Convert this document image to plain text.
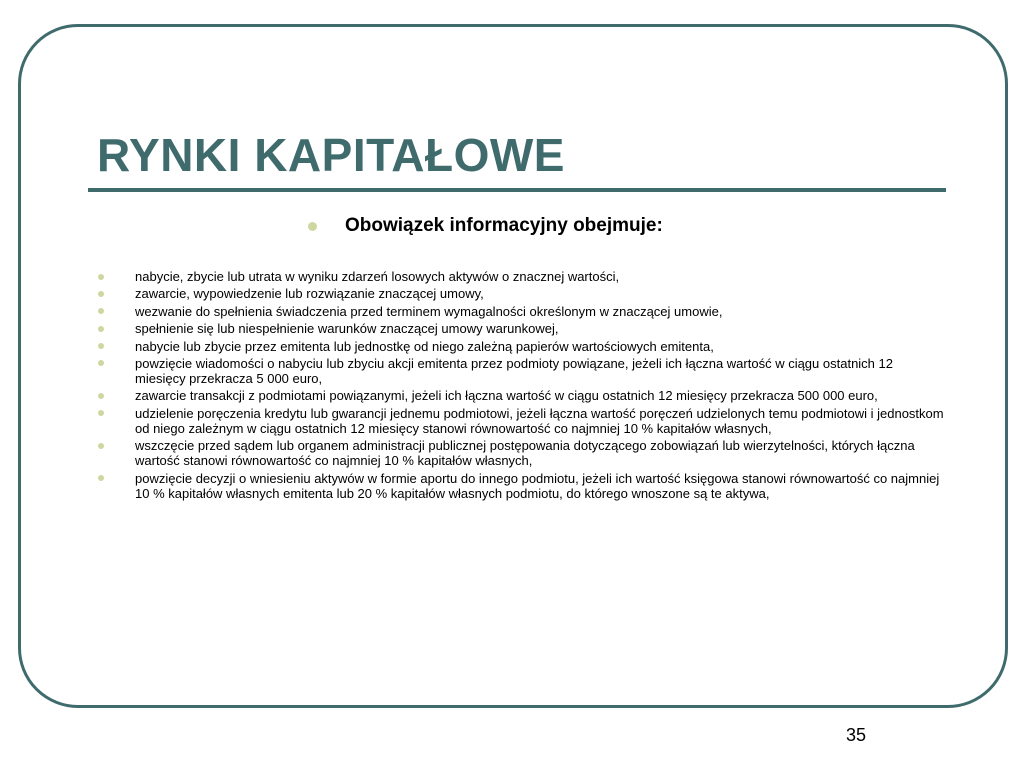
RYNKI KAPITAŁOWE
Obowiązek informacyjny obejmuje:
nabycie, zbycie lub utrata w wyniku zdarzeń losowych aktywów o znacznej wartości,
zawarcie, wypowiedzenie lub rozwiązanie znaczącej umowy,
wezwanie do spełnienia świadczenia przed terminem wymagalności określonym w znaczącej umowie,
spełnienie się lub niespełnienie warunków znaczącej umowy warunkowej,
nabycie lub zbycie przez emitenta lub jednostkę od niego zależną papierów wartościowych emitenta,
powzięcie wiadomości o nabyciu lub zbyciu akcji emitenta przez podmioty powiązane, jeżeli ich łączna wartość w ciągu ostatnich 12 miesięcy przekracza 5 000 euro,
zawarcie transakcji z podmiotami powiązanymi, jeżeli ich łączna wartość w ciągu ostatnich 12 miesięcy przekracza 500 000 euro,
udzielenie poręczenia kredytu lub gwarancji jednemu podmiotowi, jeżeli łączna wartość poręczeń udzielonych temu podmiotowi i jednostkom od niego zależnym w ciągu ostatnich 12 miesięcy stanowi równowartość co najmniej 10 % kapitałów własnych,
wszczęcie przed sądem lub organem administracji publicznej postępowania dotyczącego zobowiązań lub wierzytelności, których łączna wartość stanowi równowartość co najmniej 10 % kapitałów własnych,
powzięcie decyzji o wniesieniu aktywów w formie aportu do innego podmiotu, jeżeli ich wartość księgowa stanowi równowartość co najmniej 10 % kapitałów własnych emitenta lub 20 % kapitałów własnych podmiotu, do którego wnoszone są te aktywa,
35
